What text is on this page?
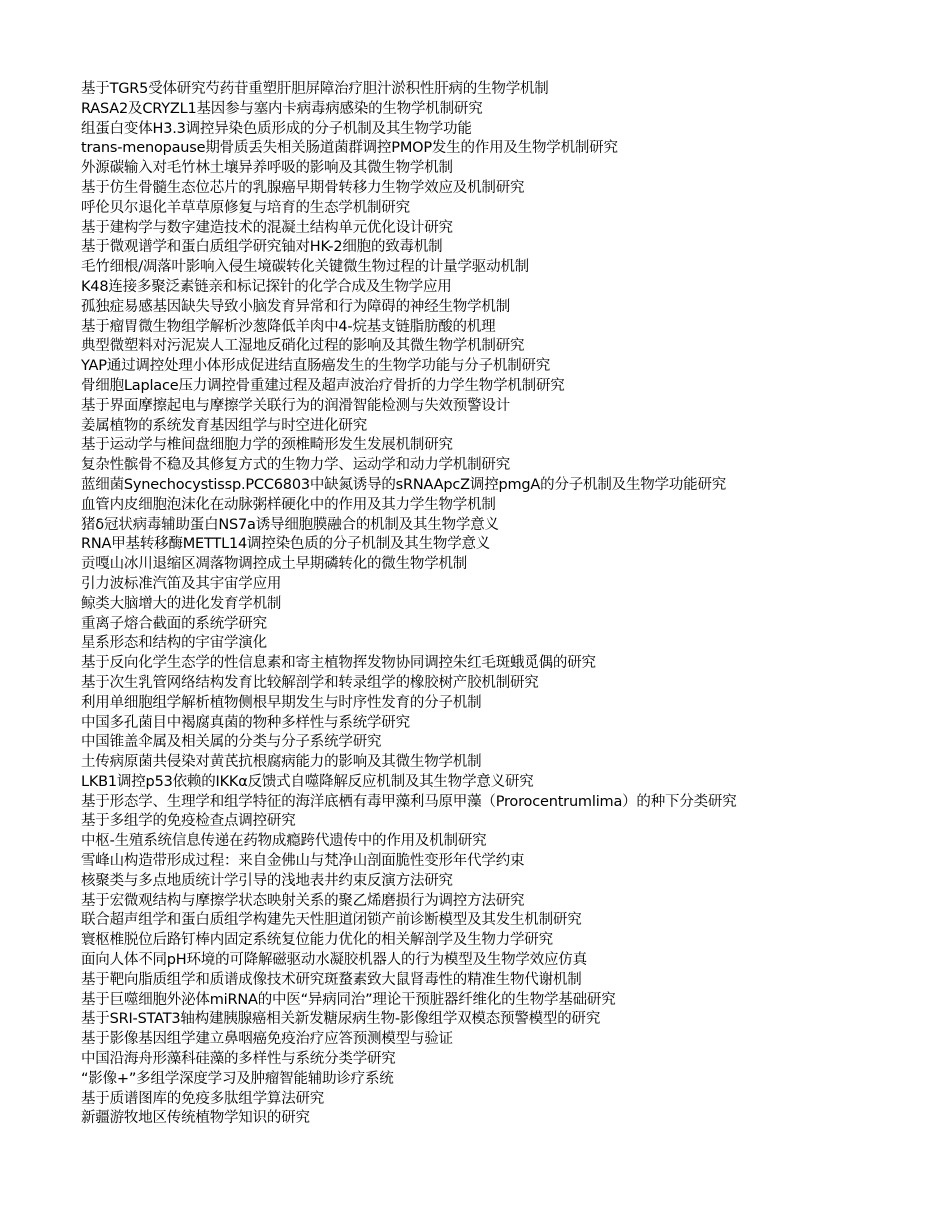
基于TGR5受体研究芍药苷重塑肝胆屏障治疗胆汁淤积性肝病的生物学机制
RASA2及CRYZL1基因参与塞内卡病毒病感染的生物学机制研究
组蛋白变体H3.3调控异染色质形成的分子机制及其生物学功能
trans-menopause期骨质丢失相关肠道菌群调控PMOP发生的作用及生物学机制研究
外源碳输入对毛竹林土壤异养呼吸的影响及其微生物学机制
基于仿生骨髓生态位芯片的乳腺癌早期骨转移力生物学效应及机制研究
呼伦贝尔退化羊草草原修复与培育的生态学机制研究
基于建构学与数字建造技术的混凝土结构单元优化设计研究
基于微观谱学和蛋白质组学研究铀对HK-2细胞的致毒机制
毛竹细根/凋落叶影响入侵生境碳转化关键微生物过程的计量学驱动机制
K48连接多聚泛素链亲和标记探针的化学合成及生物学应用
孤独症易感基因缺失导致小脑发育异常和行为障碍的神经生物学机制
基于瘤胃微生物组学解析沙葱降低羊肉中4-烷基支链脂肪酸的机理
典型微塑料对污泥炭人工湿地反硝化过程的影响及其微生物学机制研究
YAP通过调控处理小体形成促进结直肠癌发生的生物学功能与分子机制研究
骨细胞Laplace压力调控骨重建过程及超声波治疗骨折的力学生物学机制研究
基于界面摩擦起电与摩擦学关联行为的润滑智能检测与失效预警设计
姜属植物的系统发育基因组学与时空进化研究
基于运动学与椎间盘细胞力学的颈椎畸形发生发展机制研究
复杂性髌骨不稳及其修复方式的生物力学、运动学和动力学机制研究
蓝细菌Synechocystissp.PCC6803中缺氮诱导的sRNAApcZ调控pmgA的分子机制及生物学功能研究
血管内皮细胞泡沫化在动脉粥样硬化中的作用及其力学生物学机制
猪δ冠状病毒辅助蛋白NS7a诱导细胞膜融合的机制及其生物学意义
RNA甲基转移酶METTL14调控染色质的分子机制及其生物学意义
贡嘎山冰川退缩区凋落物调控成土早期磷转化的微生物学机制
引力波标准汽笛及其宇宙学应用
鲸类大脑增大的进化发育学机制
重离子熔合截面的系统学研究
星系形态和结构的宇宙学演化
基于反向化学生态学的性信息素和寄主植物挥发物协同调控朱红毛斑蛾觅偶的研究
基于次生乳管网络结构发育比较解剖学和转录组学的橡胶树产胶机制研究
利用单细胞组学解析植物侧根早期发生与时序性发育的分子机制
中国多孔菌目中褐腐真菌的物种多样性与系统学研究
中国锥盖伞属及相关属的分类与分子系统学研究
土传病原菌共侵染对黄芪抗根腐病能力的影响及其微生物学机制
LKB1调控p53依赖的IKKα反馈式自噬降解反应机制及其生物学意义研究
基于形态学、生理学和组学特征的海洋底栖有毒甲藻利马原甲藻（Prorocentrumlima）的种下分类研究
基于多组学的免疫检查点调控研究
中枢-生殖系统信息传递在药物成瘾跨代遗传中的作用及机制研究
雪峰山构造带形成过程：来自金佛山与梵净山剖面脆性变形年代学约束
核聚类与多点地质统计学引导的浅地表井约束反演方法研究
基于宏微观结构与摩擦学状态映射关系的聚乙烯磨损行为调控方法研究
联合超声组学和蛋白质组学构建先天性胆道闭锁产前诊断模型及其发生机制研究
寰枢椎脱位后路钉棒内固定系统复位能力优化的相关解剖学及生物力学研究
面向人体不同pH环境的可降解磁驱动水凝胶机器人的行为模型及生物学效应仿真
基于靶向脂质组学和质谱成像技术研究斑蝥素致大鼠肾毒性的精准生物代谢机制
基于巨噬细胞外泌体miRNA的中医“异病同治”理论干预脏器纤维化的生物学基础研究
基于SRI-STAT3轴构建胰腺癌相关新发糖尿病生物-影像组学双模态预警模型的研究
基于影像基因组学建立鼻咽癌免疫治疗应答预测模型与验证
中国沿海舟形藻科硅藻的多样性与系统分类学研究
“影像+”多组学深度学习及肿瘤智能辅助诊疗系统
基于质谱图库的免疫多肽组学算法研究
新疆游牧地区传统植物学知识的研究
